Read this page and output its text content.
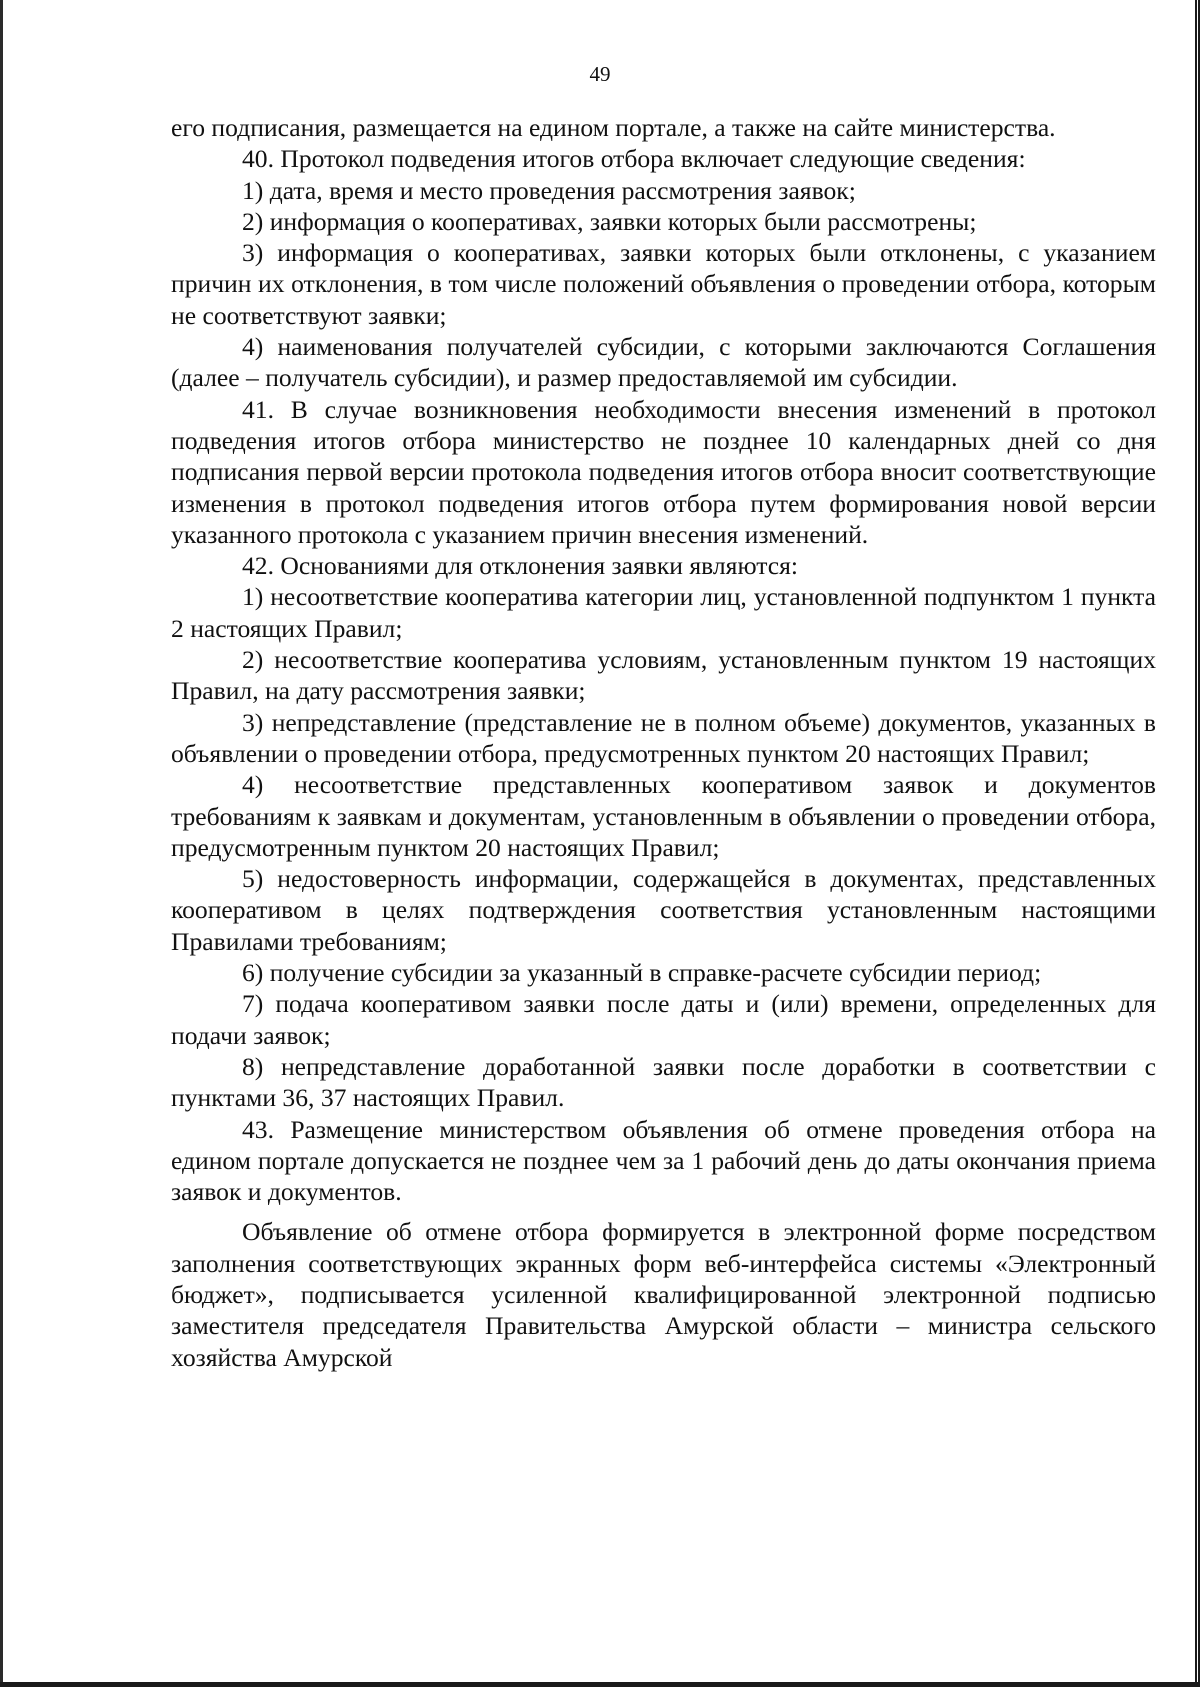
49

его подписания, размещается на едином портале, а также на сайте министерства.

40. Протокол подведения итогов отбора включает следующие сведения:

1) дата, время и место проведения рассмотрения заявок;

2) информация о кооперативах, заявки которых были рассмотрены;

3) информация о кооперативах, заявки которых были отклонены, с указанием причин их отклонения, в том числе положений объявления о проведении отбора, которым не соответствуют заявки;

4) наименования получателей субсидии, с которыми заключаются Соглашения (далее – получатель субсидии), и размер предоставляемой им субсидии.

41. В случае возникновения необходимости внесения изменений в протокол подведения итогов отбора министерство не позднее 10 календарных дней со дня подписания первой версии протокола подведения итогов отбора вносит соответствующие изменения в протокол подведения итогов отбора путем формирования новой версии указанного протокола с указанием причин внесения изменений.

42. Основаниями для отклонения заявки являются:

1) несоответствие кооператива категории лиц, установленной подпунктом 1 пункта 2 настоящих Правил;

2) несоответствие кооператива условиям, установленным пунктом 19 настоящих Правил, на дату рассмотрения заявки;

3) непредставление (представление не в полном объеме) документов, указанных в объявлении о проведении отбора, предусмотренных пунктом 20 настоящих Правил;

4) несоответствие представленных кооперативом заявок и документов требованиям к заявкам и документам, установленным в объявлении о проведении отбора, предусмотренным пунктом 20 настоящих Правил;

5) недостоверность информации, содержащейся в документах, представленных кооперативом в целях подтверждения соответствия установленным настоящими Правилами требованиям;

6) получение субсидии за указанный в справке-расчете субсидии период;

7) подача кооперативом заявки после даты и (или) времени, определенных для подачи заявок;

8) непредставление доработанной заявки после доработки в соответствии с пунктами 36, 37 настоящих Правил.

43. Размещение министерством объявления об отмене проведения отбора на едином портале допускается не позднее чем за 1 рабочий день до даты окончания приема заявок и документов.

Объявление об отмене отбора формируется в электронной форме посредством заполнения соответствующих экранных форм веб-интерфейса системы «Электронный бюджет», подписывается усиленной квалифицированной электронной подписью заместителя председателя Правительства Амурской области – министра сельского хозяйства Амурской
